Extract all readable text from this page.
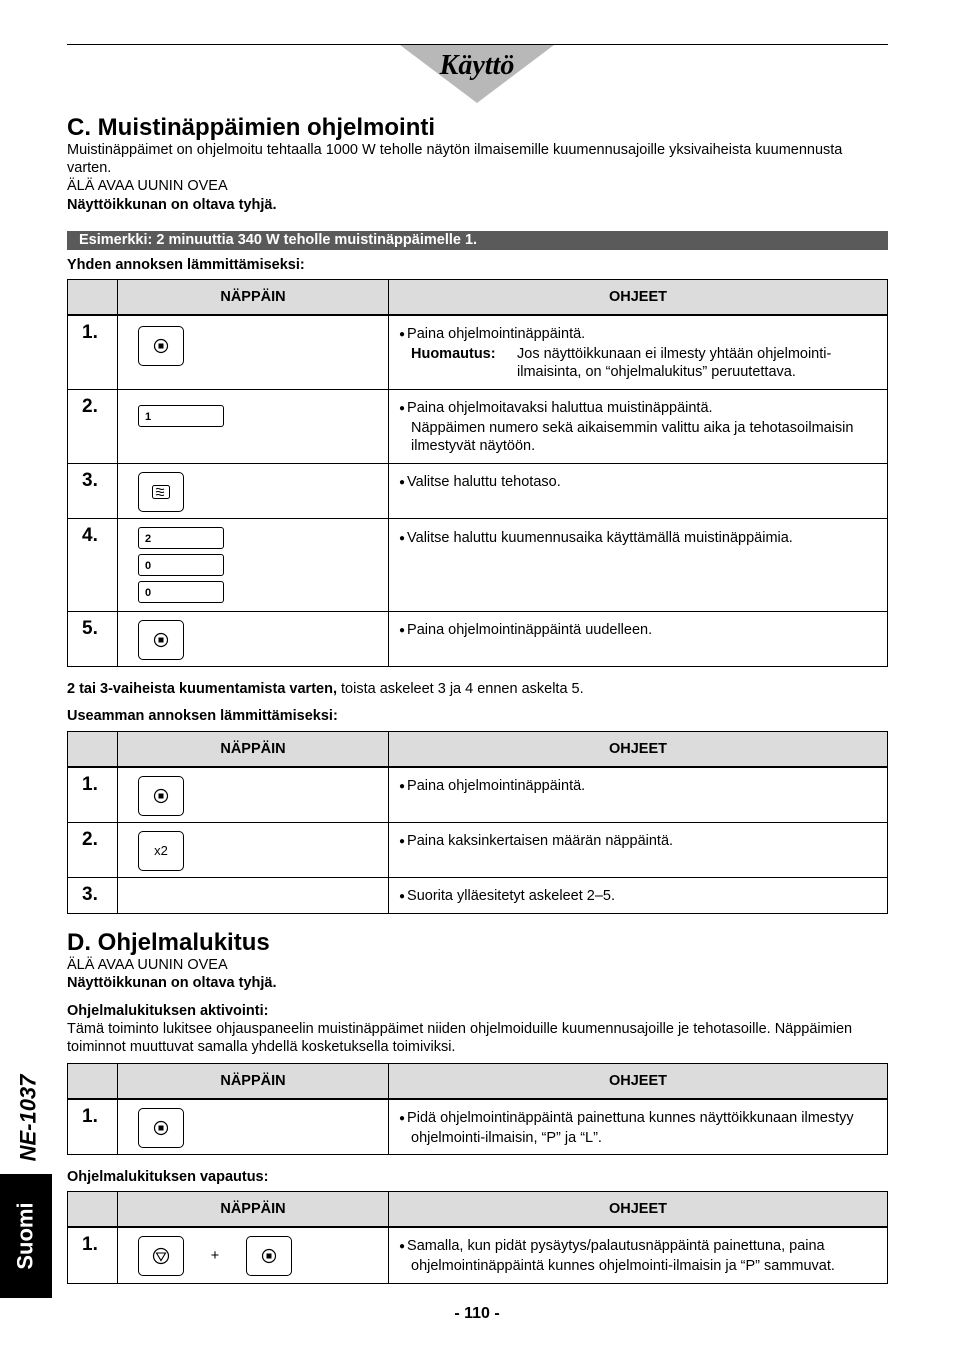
Käyttö
C. Muistinäppäimien ohjelmointi
Muistinäppäimet on ohjelmoitu tehtaalla 1000 W teholle näytön ilmaisemille kuumennusajoille yksivaiheista kuumennusta varten.
ÄLÄ AVAA UUNIN OVEA
Näyttöikkunan on oltava tyhjä.
Esimerkki: 2 minuuttia 340 W teholle muistinäppäimelle 1.
Yhden annoksen lämmittämiseksi:
	NÄPPÄIN	OHJEET
1.		● Paina ohjelmointinäppäintä.
Huomautus: Jos näyttöikkunaan ei ilmesty yhtään ohjelmointi-ilmaisinta, on “ohjelmalukitus” peruutettava.

2.	1	● Paina ohjelmoitavaksi haluttua muistinäppäintä.
Näppäimen numero sekä aikaisemmin valittu aika ja tehotasoilmaisin ilmestyvät näytöön.

3.		● Valitse haluttu tehotaso.
4.	2
0
0	● Valitse haluttu kuumennusaika käyttämällä muistinäppäimia.
5.		● Paina ohjelmointinäppäintä uudelleen.
2 tai 3-vaiheista kuumentamista varten, toista askeleet 3 ja 4 ennen askelta 5.
Useamman annoksen lämmittämiseksi:
	NÄPPÄIN	OHJEET
1.		● Paina ohjelmointinäppäintä.
2.	x2	● Paina kaksinkertaisen määrän näppäintä.
3.		● Suorita ylläesitetyt askeleet 2–5.
D. Ohjelmalukitus
ÄLÄ AVAA UUNIN OVEA
Näyttöikkunan on oltava tyhjä.
Ohjelmalukituksen aktivointi:
Tämä toiminto lukitsee ohjauspaneelin muistinäppäimet niiden ohjelmoiduille kuumennusajoille je tehotasoille. Näppäimien toiminnot muuttuvat samalla yhdellä kosketuksella toimiviksi.
	NÄPPÄIN	OHJEET
1.		● Pidä ohjelmointinäppäintä painettuna kunnes näyttöikkunaan ilmestyy ohjelmointi-ilmaisin, “P” ja “L”.
Ohjelmalukituksen vapautus:
	NÄPPÄIN	OHJEET
1.	+	● Samalla, kun pidät pysäytys/palautusnäppäintä painettuna, paina ohjelmointinäppäintä kunnes ohjelmointi-ilmaisin ja “P” sammuvat.
NE-1037
Suomi
- 110 -
